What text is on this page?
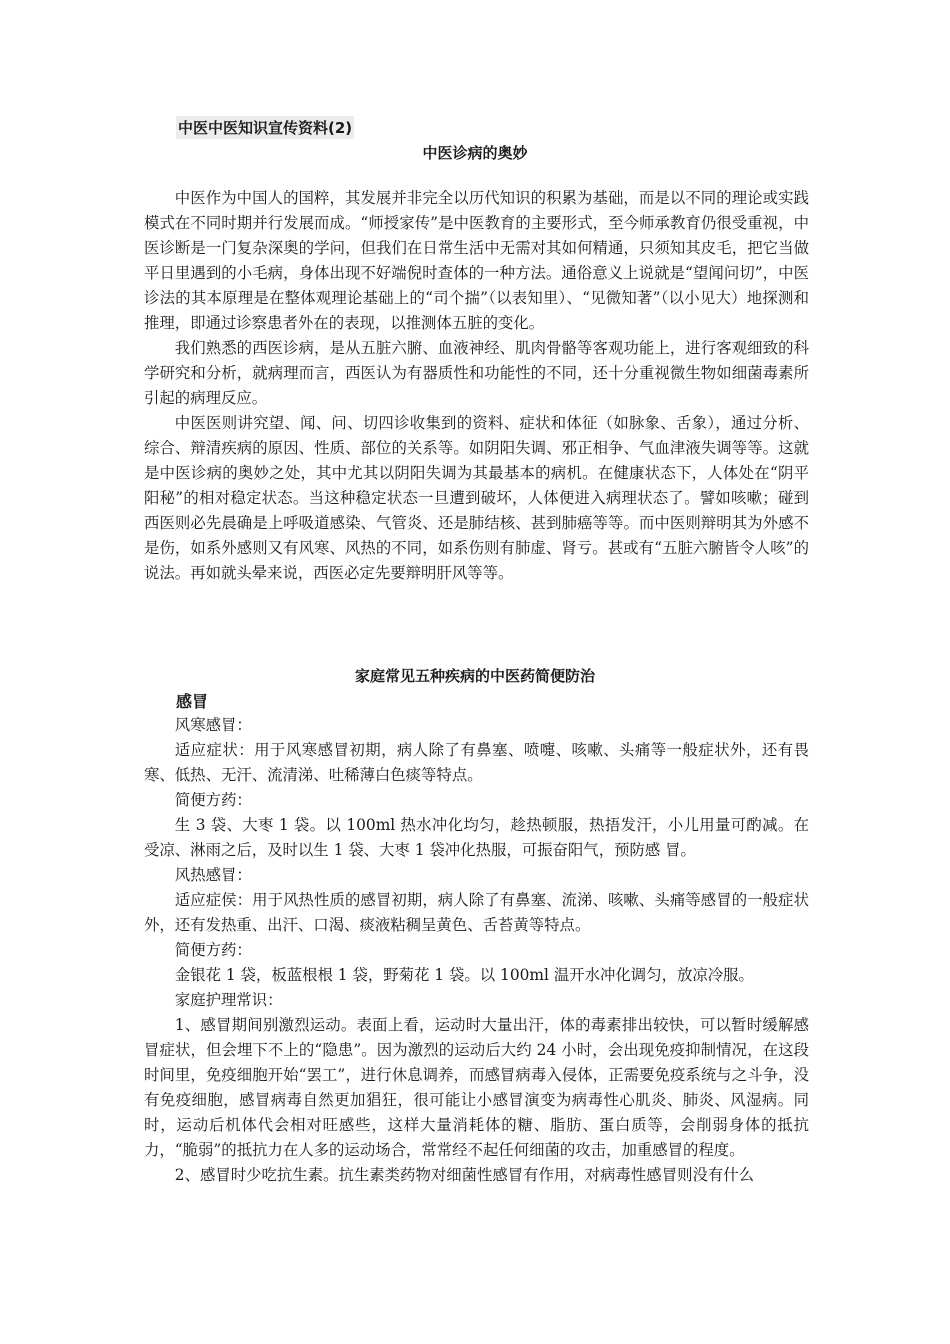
中医中医知识宣传资料(2)
中医诊病的奥妙

中医作为中国人的国粹，其发展并非完全以历代知识的积累为基础，而是以不同的理论或实践模式在不同时期并行发展而成。“师授家传”是中医教育的主要形式，至今师承教育仍很受重视，中医诊断是一门复杂深奥的学问，但我们在日常生活中无需对其如何精通，只须知其皮毛，把它当做平日里遇到的小毛病，身体出现不好端倪时查体的一种方法。通俗意义上说就是“望闻问切”，中医诊法的其本原理是在整体观理论基础上的“司个揣”（以表知里）、“见微知著”（以小见大）地探测和推理，即通过诊察患者外在的表现，以推测体五脏的变化。

我们熟悉的西医诊病，是从五脏六腑、血液神经、肌肉骨骼等客观功能上，进行客观细致的科学研究和分析，就病理而言，西医认为有器质性和功能性的不同，还十分重视微生物如细菌毒素所引起的病理反应。

中医医则讲究望、闻、问、切四诊收集到的资料、症状和体征（如脉象、舌象），通过分析、综合、辩清疾病的原因、性质、部位的关系等。如阴阳失调、邪正相争、气血津液失调等等。这就是中医诊病的奥妙之处，其中尤其以阴阳失调为其最基本的病机。在健康状态下，人体处在“阴平阳秘”的相对稳定状态。当这种稳定状态一旦遭到破坏，人体便进入病理状态了。譬如咳嗽；碰到西医则必先晨确是上呼吸道感染、气管炎、还是肺结核、甚到肺癌等等。而中医则辩明其为外感不是伤，如系外感则又有风寒、风热的不同，如系伤则有肺虚、肾亏。甚或有“五脏六腑皆令人咳”的说法。再如就头晕来说，西医必定先要辩明肝风等等。

家庭常见五种疾病的中医药简便防治
感冒

风寒感冒：

适应症状：用于风寒感冒初期，病人除了有鼻塞、喷嚏、咳嗽、头痛等一般症状外，还有畏寒、低热、无汗、流清涕、吐稀薄白色痰等特点。

简便方药：

生 3 袋、大枣 1 袋。以 100ml 热水冲化均匀，趁热顿服，热捂发汗，小儿用量可酌减。在受凉、淋雨之后，及时以生 1 袋、大枣 1 袋冲化热服，可振奋阳气，预防感 冒。

风热感冒：

适应症侯：用于风热性质的感冒初期，病人除了有鼻塞、流涕、咳嗽、头痛等感冒的一般症状外，还有发热重、出汗、口渴、痰液粘稠呈黄色、舌苔黄等特点。

简便方药：

金银花 1 袋，板蓝根根 1 袋，野菊花 1 袋。以 100ml 温开水冲化调匀，放凉冷服。

家庭护理常识：

1、感冒期间别激烈运动。表面上看，运动时大量出汗，体的毒素排出较快，可以暂时缓解感冒症状，但会埋下不上的“隐患”。因为激烈的运动后大约 24 小时，会出现免疫抑制情况，在这段时间里，免疫细胞开始“罢工”，进行休息调养，而感冒病毒入侵体，正需要免疫系统与之斗争，没有免疫细胞，感冒病毒自然更加猖狂，很可能让小感冒演变为病毒性心肌炎、肺炎、风湿病。同时，运动后机体代会相对旺感些，这样大量消耗体的糖、脂肪、蛋白质等，会削弱身体的抵抗力，“脆弱”的抵抗力在人多的运动场合，常常经不起任何细菌的攻击，加重感冒的程度。

2、感冒时少吃抗生素。抗生素类药物对细菌性感冒有作用，对病毒性感冒则没有什么
